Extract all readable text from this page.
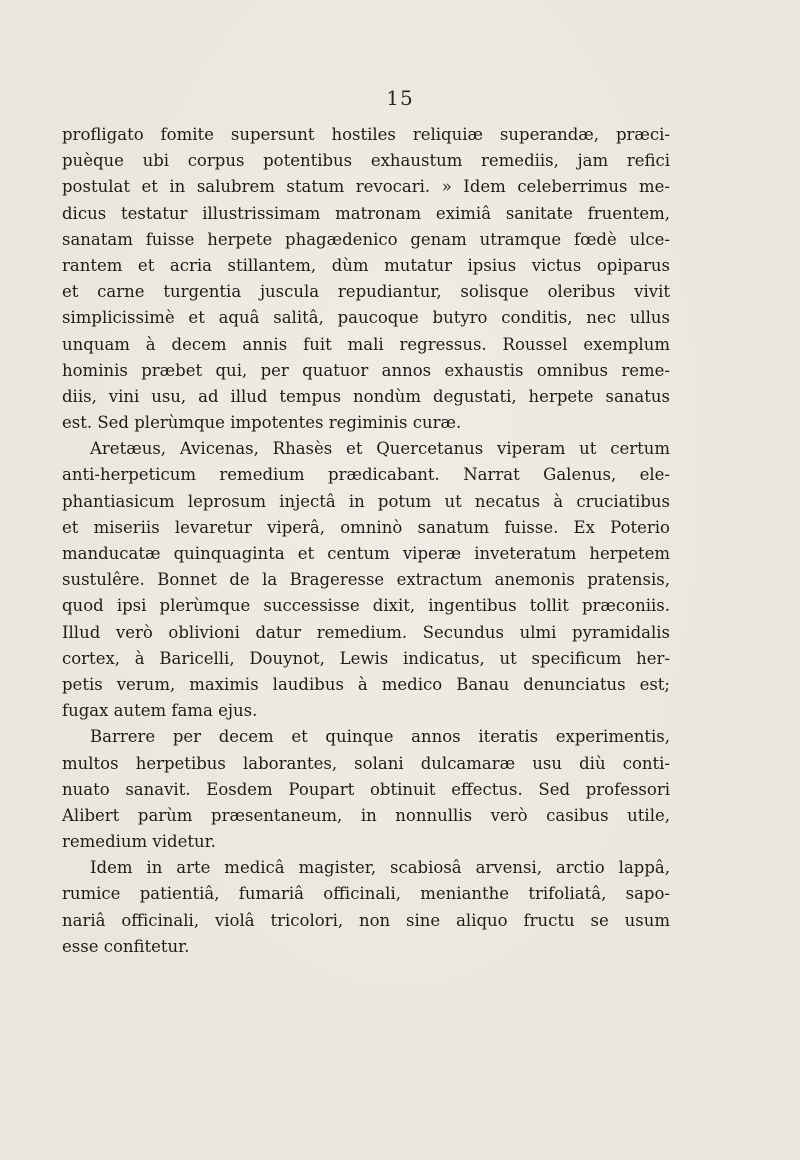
15
profligato fomite supersunt hostiles reliquiæ superandæ, præci-
puèque ubi corpus potentibus exhaustum remediis, jam refici
postulat et in salubrem statum revocari. » Idem celeberrimus me-
dicus testatur illustrissimam matronam eximiâ sanitate fruentem,
sanatam fuisse herpete phagædenico genam utramque fœdè ulce-
rantem et acria stillantem, dùm mutatur ipsius victus opiparus
et carne turgentia juscula repudiantur, solisque oleribus vivit
simplicissimè et aquâ salitâ, paucoque butyro conditis, nec ullus
unquam à decem annis fuit mali regressus. Roussel exemplum
hominis præbet qui, per quatuor annos exhaustis omnibus reme-
diis, vini usu, ad illud tempus nondùm degustati, herpete sanatus
est. Sed plerùmque impotentes regiminis curæ.
Aretæus, Avicenas, Rhasès et Quercetanus viperam ut certum
anti-herpeticum remedium prædicabant. Narrat Galenus, ele-
phantiasicum leprosum injectâ in potum ut necatus à cruciatibus
et miseriis levaretur viperâ, omninò sanatum fuisse. Ex Poterio
manducatæ quinquaginta et centum viperæ inveteratum herpetem
sustulêre. Bonnet de la Brageresse extractum anemonis pratensis,
quod ipsi plerùmque successisse dixit, ingentibus tollit præconiis.
Illud verò oblivioni datur remedium. Secundus ulmi pyramidalis
cortex, à Baricelli, Douynot, Lewis indicatus, ut specificum her-
petis verum, maximis laudibus à medico Banau denunciatus est;
fugax autem fama ejus.
Barrere per decem et quinque annos iteratis experimentis,
multos herpetibus laborantes, solani dulcamaræ usu diù conti-
nuato sanavit. Eosdem Poupart obtinuit effectus. Sed professori
Alibert parùm præsentaneum, in nonnullis verò casibus utile,
remedium videtur.
Idem in arte medicâ magister, scabiosâ arvensi, arctio lappâ,
rumice patientiâ, fumariâ officinali, menianthe trifoliatâ, sapo-
nariâ officinali, violâ tricolori, non sine aliquo fructu se usum
esse confitetur.
